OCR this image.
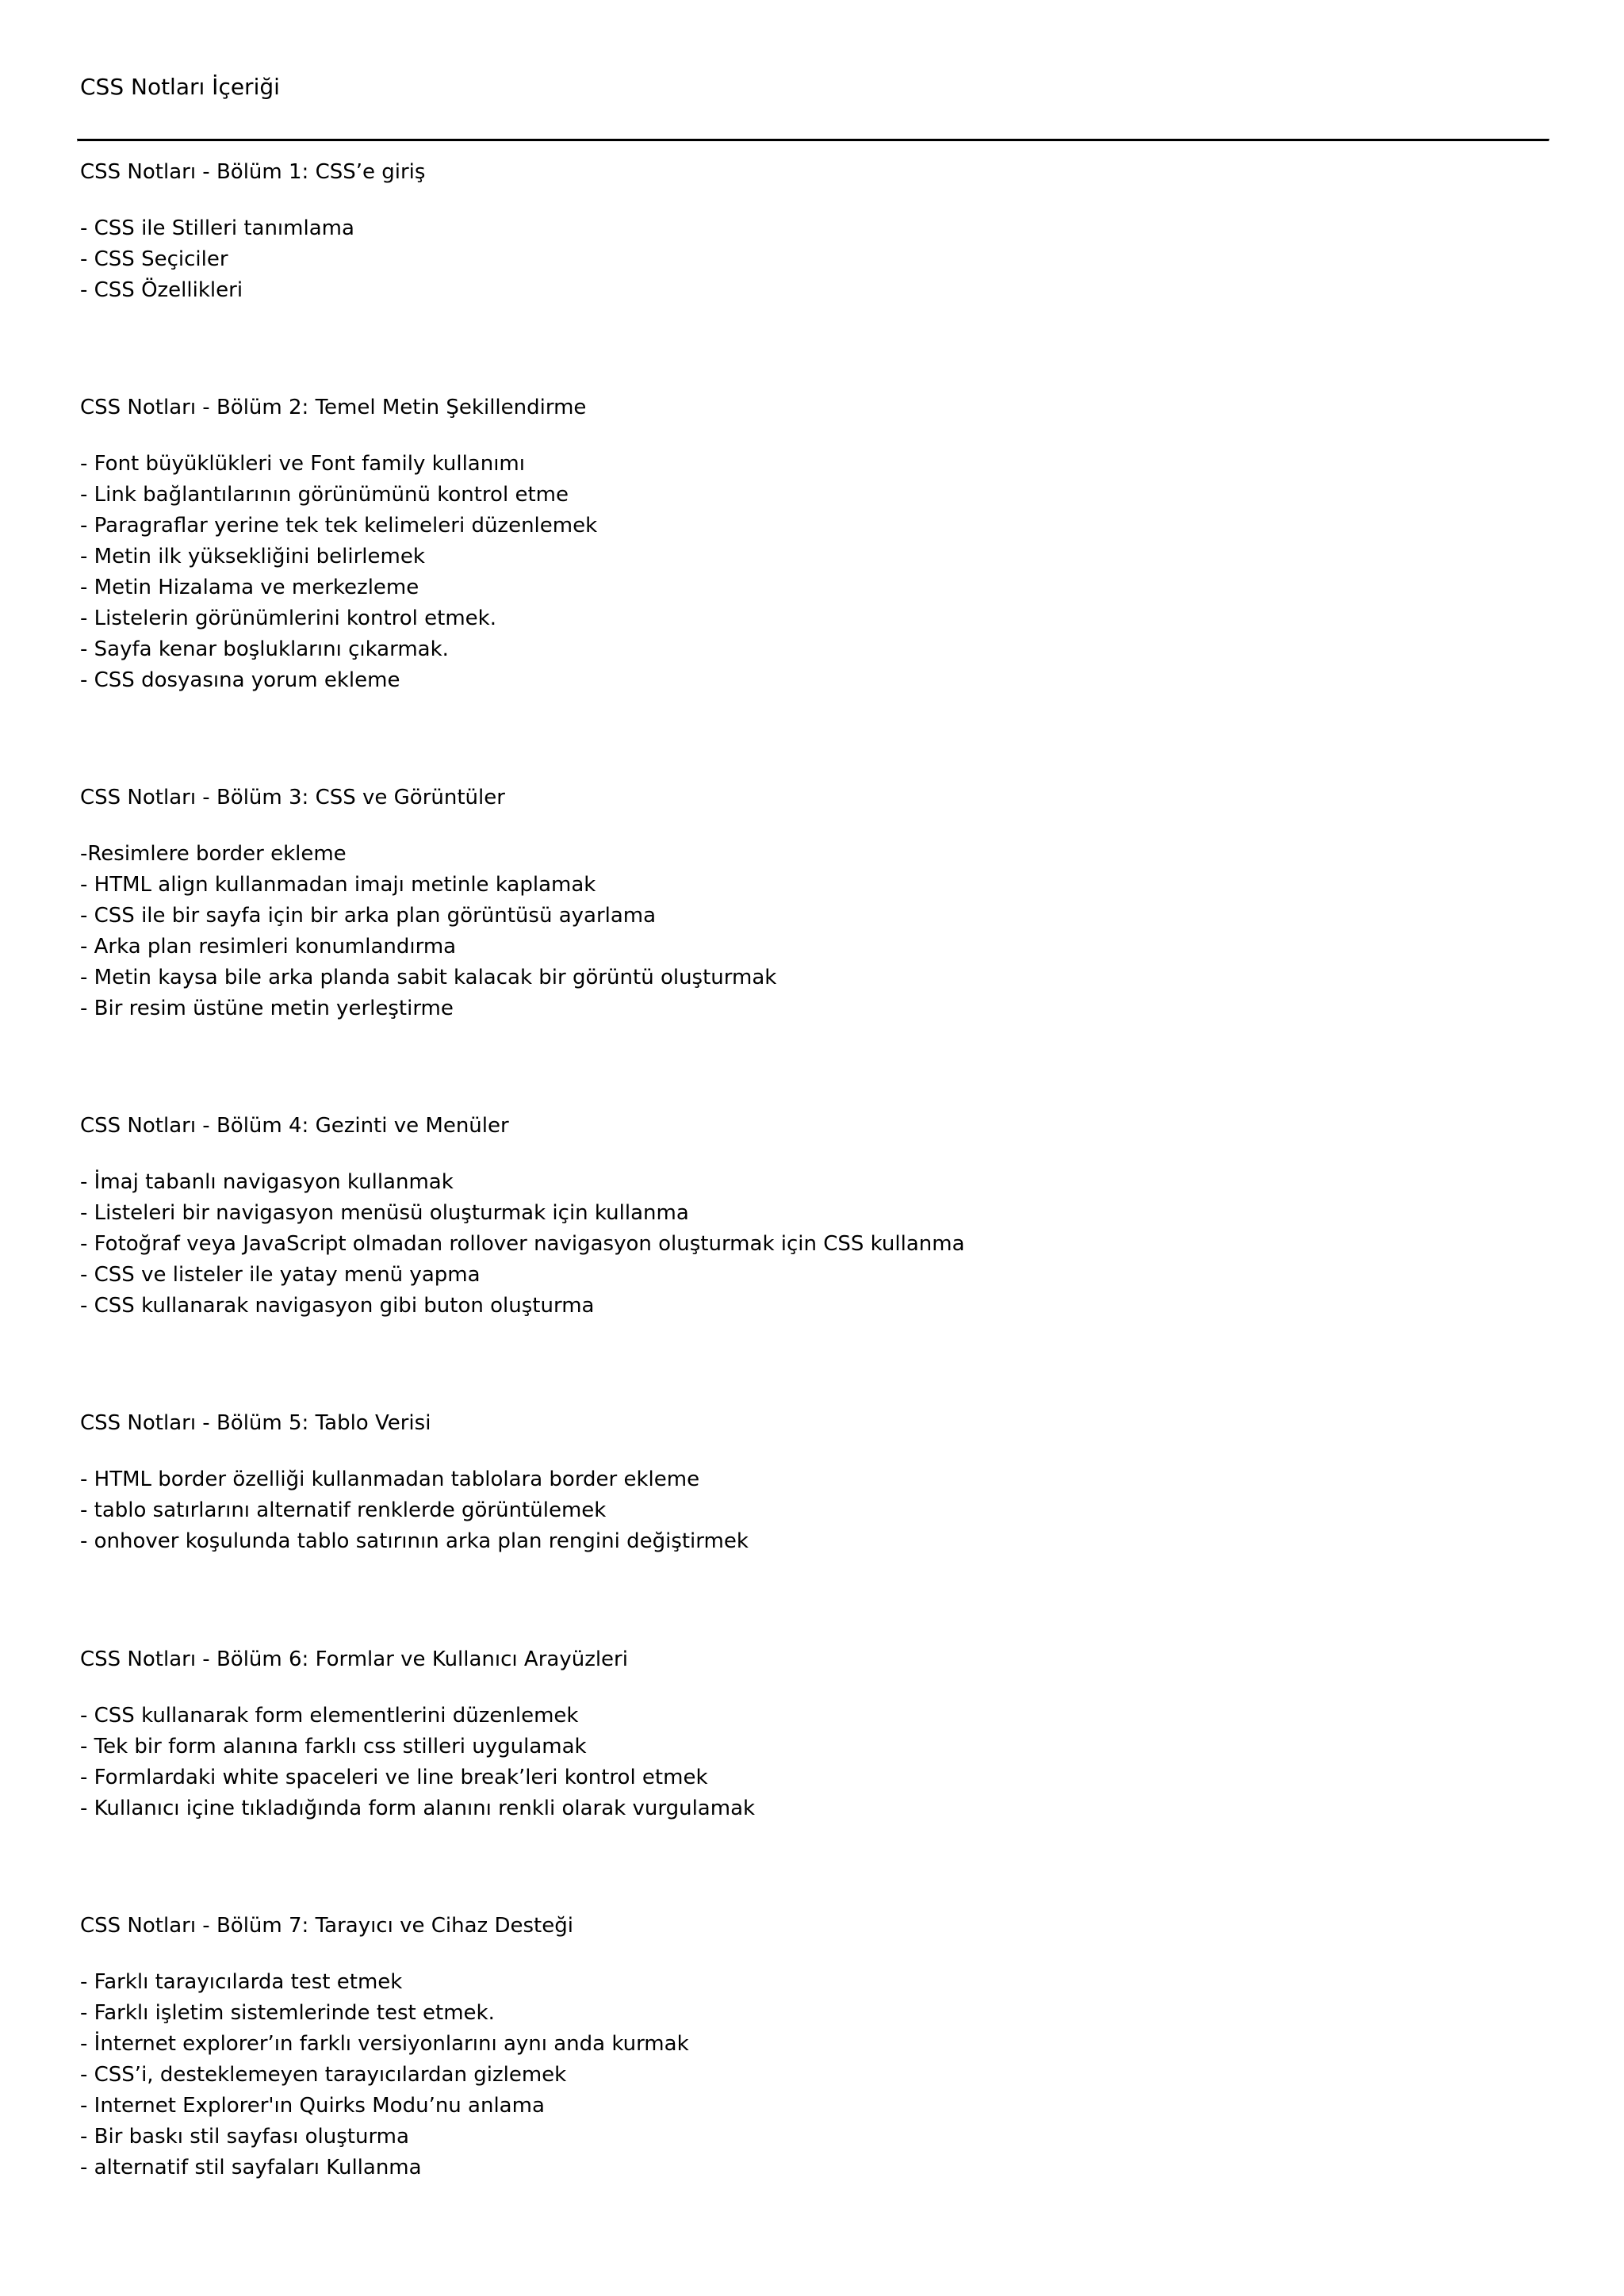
CSS Notları İçeriği
CSS Notları - Bölüm 1: CSS’e giriş
- CSS ile Stilleri tanımlama
- CSS Seçiciler
- CSS Özellikleri
CSS Notları - Bölüm 2: Temel Metin Şekillendirme
- Font büyüklükleri ve Font family kullanımı
- Link bağlantılarının görünümünü kontrol etme
- Paragraflar yerine tek tek kelimeleri düzenlemek
- Metin ilk yüksekliğini belirlemek
- Metin Hizalama ve merkezleme
- Listelerin görünümlerini kontrol etmek.
- Sayfa kenar boşluklarını çıkarmak.
- CSS dosyasına yorum ekleme
CSS Notları - Bölüm 3: CSS ve Görüntüler
-Resimlere border ekleme
- HTML align kullanmadan imajı metinle kaplamak
- CSS ile bir sayfa için bir arka plan görüntüsü ayarlama
- Arka plan resimleri konumlandırma
- Metin kaysa bile arka planda sabit kalacak bir görüntü oluşturmak
- Bir resim üstüne metin yerleştirme
CSS Notları - Bölüm 4: Gezinti ve Menüler
- İmaj tabanlı navigasyon kullanmak
- Listeleri bir navigasyon menüsü oluşturmak için kullanma
- Fotoğraf veya JavaScript olmadan rollover navigasyon oluşturmak için CSS kullanma
- CSS ve listeler ile yatay menü yapma
- CSS kullanarak navigasyon gibi buton oluşturma
CSS Notları - Bölüm 5: Tablo Verisi
- HTML border özelliği kullanmadan tablolara border ekleme
- tablo satırlarını alternatif renklerde görüntülemek
- onhover koşulunda tablo satırının arka plan rengini değiştirmek
CSS Notları - Bölüm 6: Formlar ve Kullanıcı Arayüzleri
- CSS kullanarak form elementlerini düzenlemek
- Tek bir form alanına farklı css stilleri uygulamak
- Formlardaki white spaceleri ve line break’leri kontrol etmek
- Kullanıcı içine tıkladığında form alanını renkli olarak vurgulamak
CSS Notları - Bölüm 7: Tarayıcı ve Cihaz Desteği
- Farklı tarayıcılarda test etmek
- Farklı işletim sistemlerinde test etmek.
- İnternet explorer’ın farklı versiyonlarını aynı anda kurmak
- CSS’i, desteklemeyen tarayıcılardan gizlemek
- Internet Explorer'ın Quirks Modu’nu anlama
- Bir baskı stil sayfası oluşturma
- alternatif stil sayfaları Kullanma
